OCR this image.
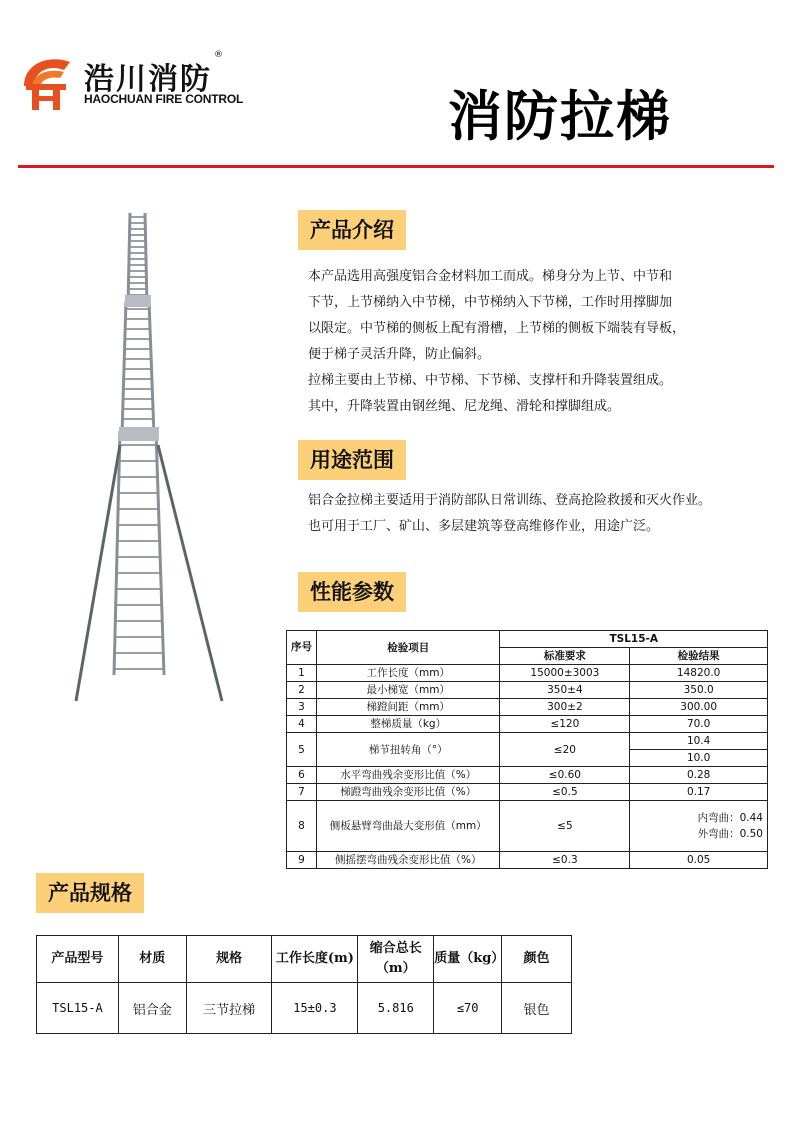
浩川消防
®
HAOCHUAN FIRE CONTROL	消防拉梯
产品介绍
本产品选用高强度铝合金材料加工而成。梯身分为上节、中节和
下节，上节梯纳入中节梯，中节梯纳入下节梯，工作时用撑脚加
以限定。中节梯的侧板上配有滑槽，上节梯的侧板下端装有导板，
便于梯子灵活升降，防止偏斜。
拉梯主要由上节梯、中节梯、下节梯、支撑杆和升降装置组成。
其中，升降装置由钢丝绳、尼龙绳、滑轮和撑脚组成。
用途范围
铝合金拉梯主要适用于消防部队日常训练、登高抢险救援和灭火作业。
也可用于工厂、矿山、多层建筑等登高维修作业，用途广泛。
性能参数
序号	检验项目	TSL15-A	
		标准要求	检验结果
1	工作长度（mm）	15000±3003	14820.0
2	最小梯宽（mm）	350±4	350.0
3	梯蹬间距（mm）	300±2	300.00
4	整梯质量（kg）	≤120	70.0
5	梯节扭转角（°）	≤20	10.4
			10.0
6	水平弯曲残余变形比值（%）	≤0.60	0.28
7	梯蹬弯曲残余变形比值（%）	≤0.5	0.17
8	侧板悬臂弯曲最大变形值（mm）	≤5	内弯曲：0.44
外弯曲：0.50

9	侧摇摆弯曲残余变形比值（%）	≤0.3	0.05
产品规格
产品型号	材质	规格	工作长度(m)	缩合总长（m）	质量（kg）	颜色
TSL15-A	铝合金	三节拉梯	15±0.3	5.816	≤70	银色
